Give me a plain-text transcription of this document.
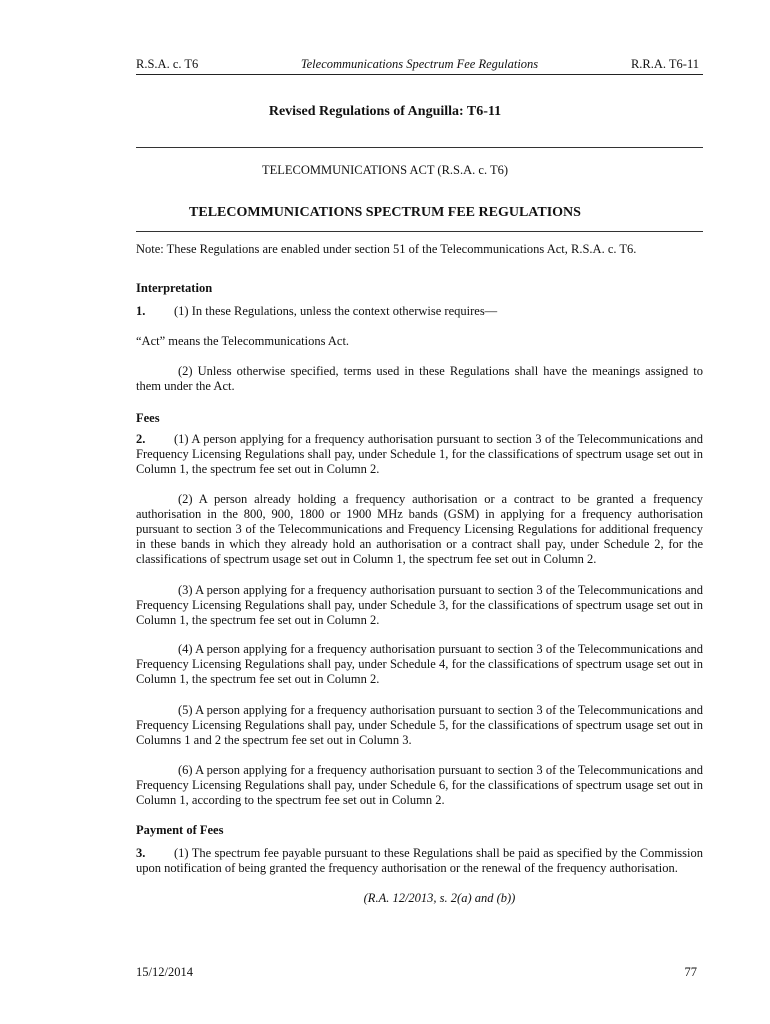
R.S.A. c. T6	Telecommunications Spectrum Fee Regulations	R.R.A. T6-11
Revised Regulations of Anguilla: T6-11
TELECOMMUNICATIONS ACT (R.S.A. c. T6)
TELECOMMUNICATIONS SPECTRUM FEE REGULATIONS
Note: These Regulations are enabled under section 51 of the Telecommunications Act, R.S.A. c. T6.
Interpretation
1. (1) In these Regulations, unless the context otherwise requires—
“Act” means the Telecommunications Act.
(2) Unless otherwise specified, terms used in these Regulations shall have the meanings assigned to them under the Act.
Fees
2. (1) A person applying for a frequency authorisation pursuant to section 3 of the Telecommunications and Frequency Licensing Regulations shall pay, under Schedule 1, for the classifications of spectrum usage set out in Column 1, the spectrum fee set out in Column 2.
(2) A person already holding a frequency authorisation or a contract to be granted a frequency authorisation in the 800, 900, 1800 or 1900 MHz bands (GSM) in applying for a frequency authorisation pursuant to section 3 of the Telecommunications and Frequency Licensing Regulations for additional frequency in these bands in which they already hold an authorisation or a contract shall pay, under Schedule 2, for the classifications of spectrum usage set out in Column 1, the spectrum fee set out in Column 2.
(3) A person applying for a frequency authorisation pursuant to section 3 of the Telecommunications and Frequency Licensing Regulations shall pay, under Schedule 3, for the classifications of spectrum usage set out in Column 1, the spectrum fee set out in Column 2.
(4) A person applying for a frequency authorisation pursuant to section 3 of the Telecommunications and Frequency Licensing Regulations shall pay, under Schedule 4, for the classifications of spectrum usage set out in Column 1, the spectrum fee set out in Column 2.
(5) A person applying for a frequency authorisation pursuant to section 3 of the Telecommunications and Frequency Licensing Regulations shall pay, under Schedule 5, for the classifications of spectrum usage set out in Columns 1 and 2 the spectrum fee set out in Column 3.
(6) A person applying for a frequency authorisation pursuant to section 3 of the Telecommunications and Frequency Licensing Regulations shall pay, under Schedule 6, for the classifications of spectrum usage set out in Column 1, according to the spectrum fee set out in Column 2.
Payment of Fees
3. (1) The spectrum fee payable pursuant to these Regulations shall be paid as specified by the Commission upon notification of being granted the frequency authorisation or the renewal of the frequency authorisation.
(R.A. 12/2013, s. 2(a) and (b))
15/12/2014	77
